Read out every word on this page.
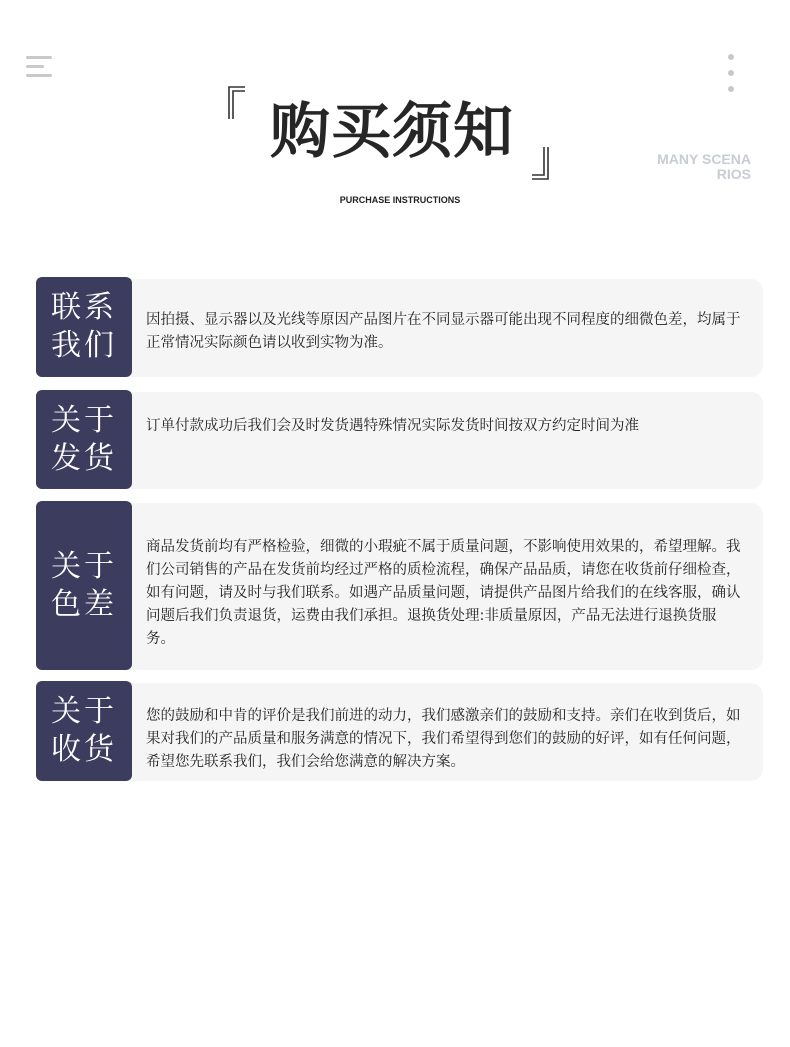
购买须知
PURCHASE INSTRUCTIONS
MANY SCENA RIOS
联系我们
因拍摄、显示器以及光线等原因产品图片在不同显示器可能出现不同程度的细微色差，均属于正常情况实际颜色请以收到实物为准。
关于发货
订单付款成功后我们会及时发货遇特殊情况实际发货时间按双方约定时间为准
关于色差
商品发货前均有严格检验，细微的小瑕疵不属于质量问题，不影响使用效果的，希望理解。我们公司销售的产品在发货前均经过严格的质检流程，确保产品品质，请您在收货前仔细检查，如有问题，请及时与我们联系。如遇产品质量问题，请提供产品图片给我们的在线客服，确认问题后我们负责退货，运费由我们承担。退换货处理:非质量原因，产品无法进行退换货服务。
关于收货
您的鼓励和中肯的评价是我们前进的动力，我们感激亲们的鼓励和支持。亲们在收到货后，如果对我们的产品质量和服务满意的情况下，我们希望得到您们的鼓励的好评，如有任何问题，希望您先联系我们，我们会给您满意的解决方案。
